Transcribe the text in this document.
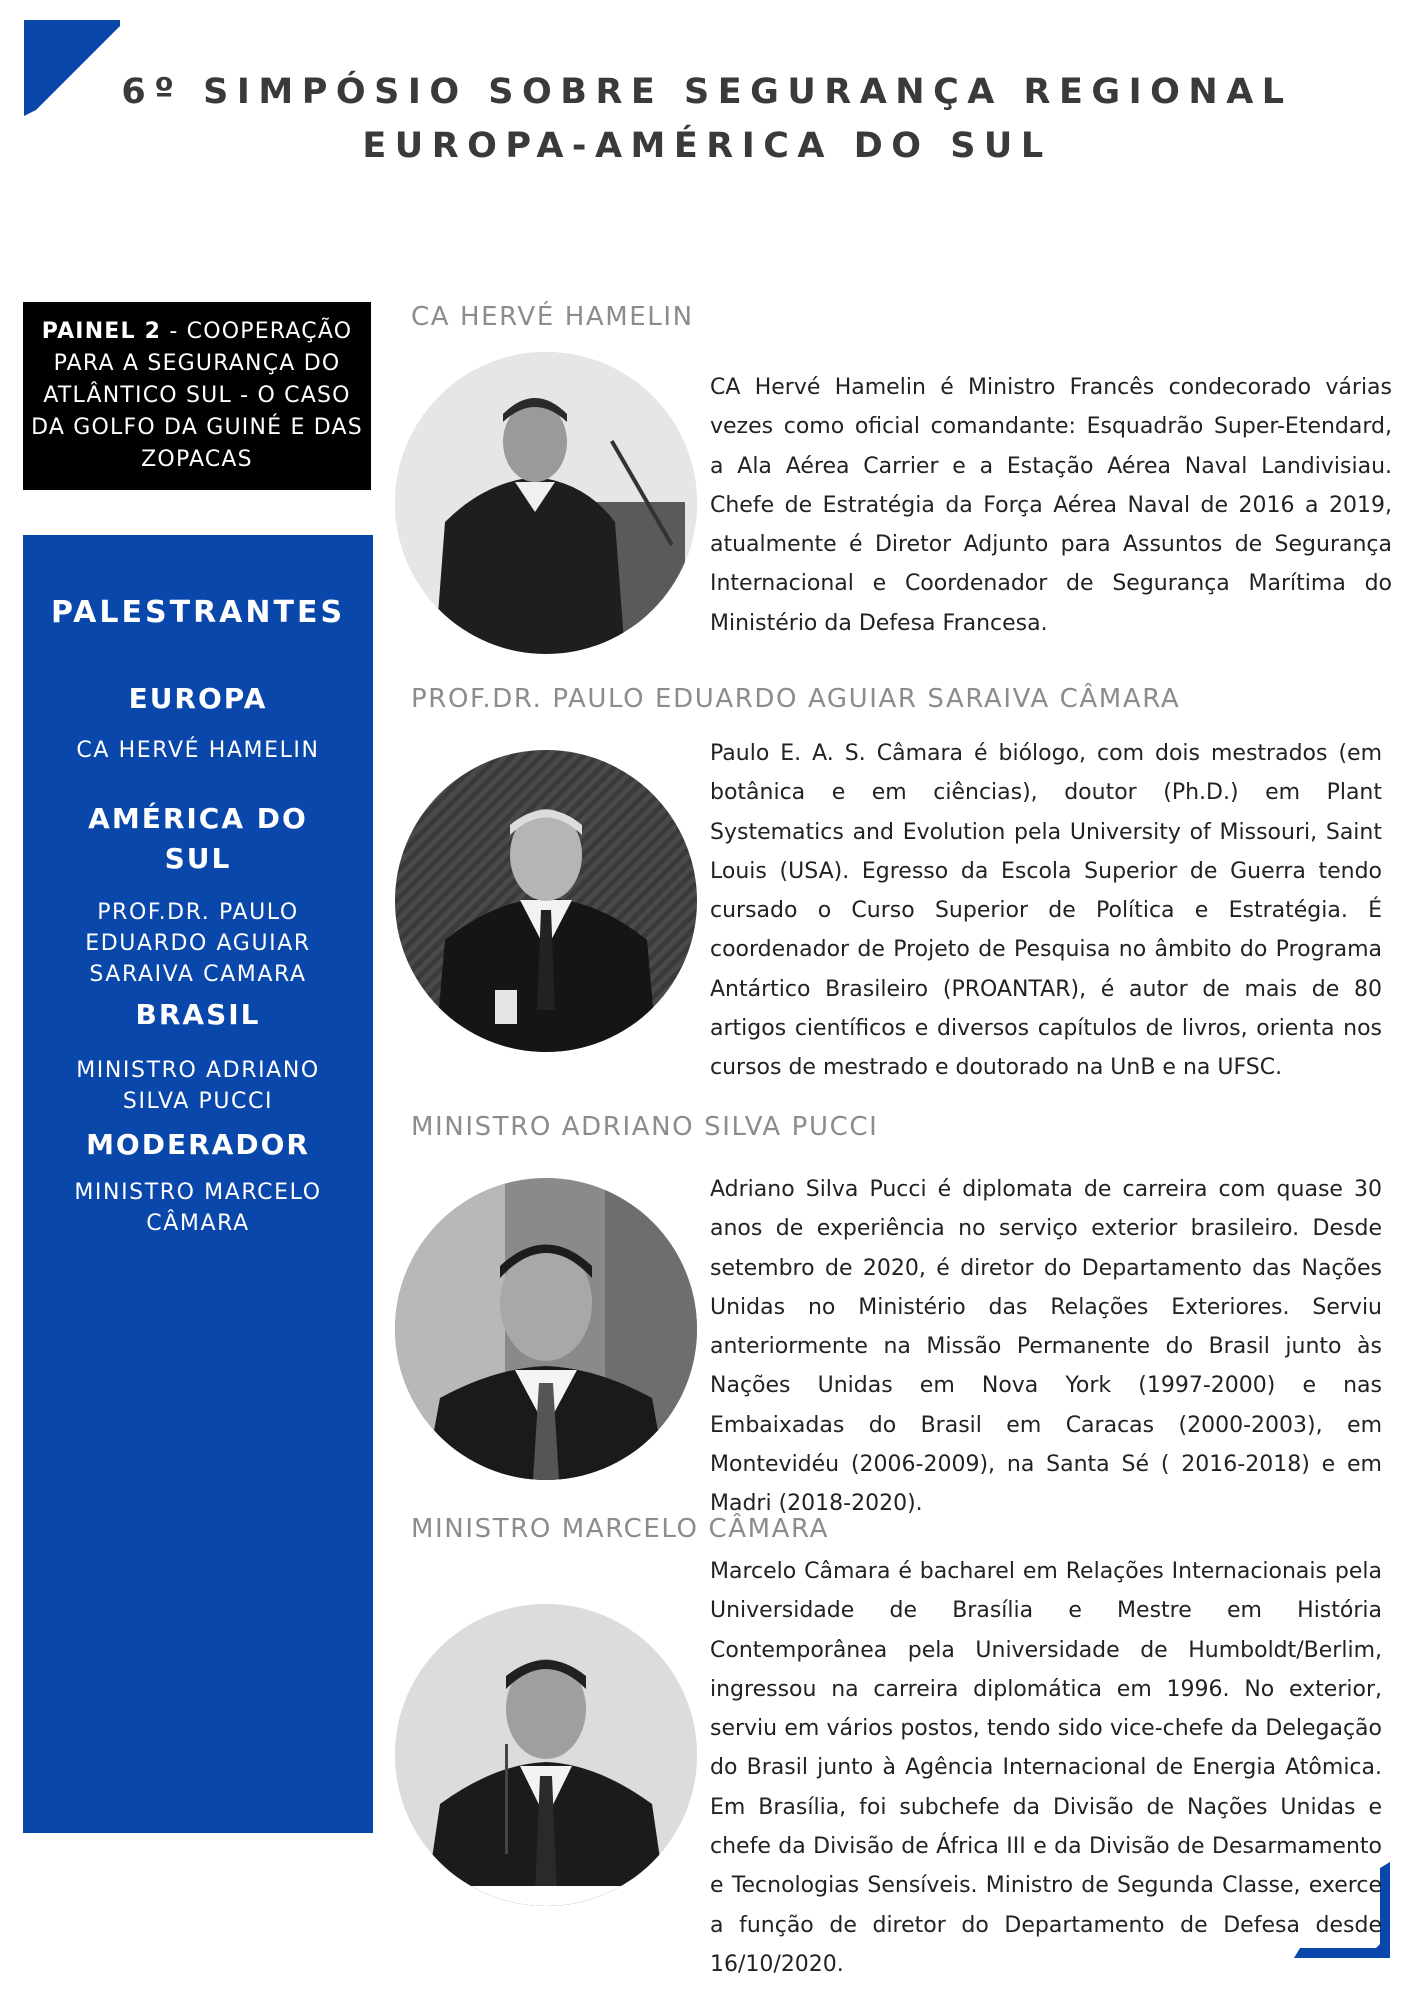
6º SIMPÓSIO SOBRE SEGURANÇA REGIONAL
EUROPA-AMÉRICA DO SUL
PAINEL 2 - COOPERAÇÃO PARA A SEGURANÇA DO ATLÂNTICO SUL - O CASO DA GOLFO DA GUINÉ E DAS ZOPACAS
PALESTRANTES
EUROPA
CA HERVÉ HAMELIN
AMÉRICA DO
SUL
PROF.DR. PAULO
EDUARDO AGUIAR
SARAIVA CAMARA
BRASIL
MINISTRO ADRIANO
SILVA PUCCI
MODERADOR
MINISTRO MARCELO
CÂMARA
CA HERVÉ HAMELIN

CA Hervé Hamelin é Ministro Francês condecorado várias vezes como oficial comandante: Esquadrão Super-Etendard, a Ala Aérea Carrier e a Estação Aérea Naval Landivisiau. Chefe de Estratégia da Força Aérea Naval de 2016 a 2019, atualmente é Diretor Adjunto para Assuntos de Segurança Internacional e Coordenador de Segurança Marítima do Ministério da Defesa Francesa.

PROF.DR. PAULO EDUARDO AGUIAR SARAIVA CÂMARA

Paulo E. A. S. Câmara é biólogo, com dois mestrados (em botânica e em ciências), doutor (Ph.D.) em Plant Systematics and Evolution pela University of Missouri, Saint Louis (USA). Egresso da Escola Superior de Guerra tendo cursado o Curso Superior de Política e Estratégia. É coordenador de Projeto de Pesquisa no âmbito do Programa Antártico Brasileiro (PROANTAR), é autor de mais de 80 artigos científicos e diversos capítulos de livros, orienta nos cursos de mestrado e doutorado na UnB e na UFSC.

MINISTRO ADRIANO SILVA PUCCI

Adriano Silva Pucci é diplomata de carreira com quase 30 anos de experiência no serviço exterior brasileiro. Desde setembro de 2020, é diretor do Departamento das Nações Unidas no Ministério das Relações Exteriores. Serviu anteriormente na Missão Permanente do Brasil junto às Nações Unidas em Nova York (1997-2000) e nas Embaixadas do Brasil em Caracas (2000-2003), em Montevidéu (2006-2009), na Santa Sé ( 2016-2018) e em Madri (2018-2020).

MINISTRO MARCELO CÂMARA

Marcelo Câmara é bacharel em Relações Internacionais pela Universidade de Brasília e Mestre em História Contemporânea pela Universidade de Humboldt/Berlim, ingressou na carreira diplomática em 1996. No exterior, serviu em vários postos, tendo sido vice-chefe da Delegação do Brasil junto à Agência Internacional de Energia Atômica. Em Brasília, foi subchefe da Divisão de Nações Unidas e chefe da Divisão de África III e da Divisão de Desarmamento e Tecnologias Sensíveis. Ministro de Segunda Classe, exerce a função de diretor do Departamento de Defesa desde 16/10/2020.
